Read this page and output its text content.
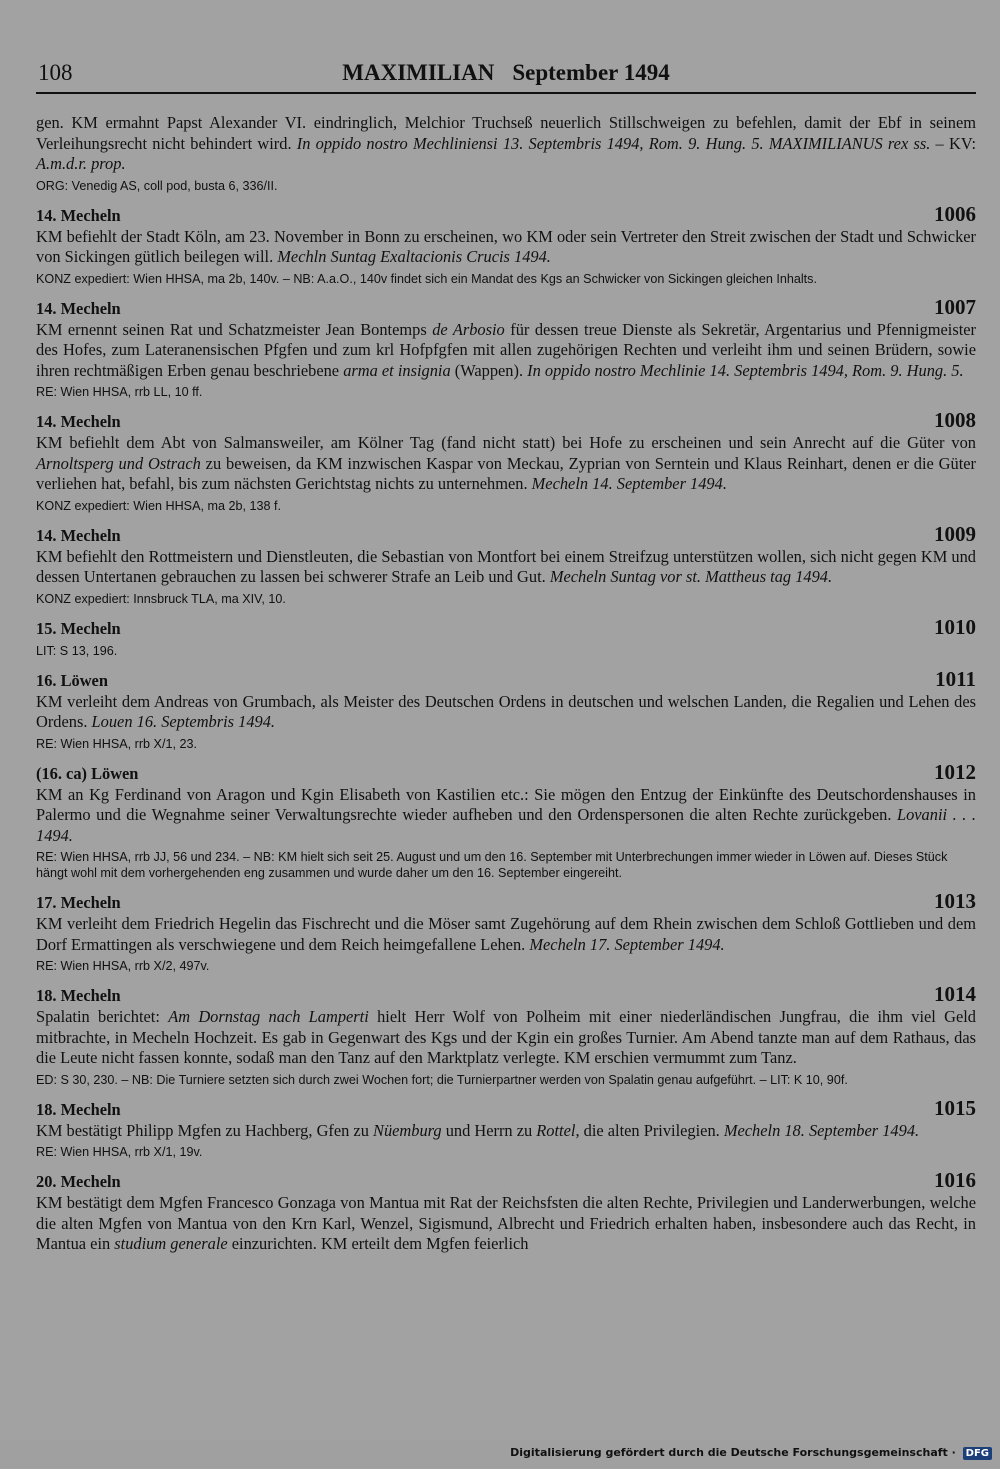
108	MAXIMILIAN September 1494

gen. KM ermahnt Papst Alexander VI. eindringlich, Melchior Truchseß neuerlich Stillschweigen zu befehlen, damit der Ebf in seinem Verleihungsrecht nicht behindert wird. In oppido nostro Mechliniensi 13. Septembris 1494, Rom. 9. Hung. 5. MAXIMILIANUS rex ss. – KV: A.m.d.r. prop.

ORG: Venedig AS, coll pod, busta 6, 336/II.

14. Mecheln	1006

KM befiehlt der Stadt Köln, am 23. November in Bonn zu erscheinen, wo KM oder sein Vertreter den Streit zwischen der Stadt und Schwicker von Sickingen gütlich beilegen will. Mechln Suntag Exaltacionis Crucis 1494.

KONZ expediert: Wien HHSA, ma 2b, 140v. – NB: A.a.O., 140v findet sich ein Mandat des Kgs an Schwicker von Sickingen gleichen Inhalts.

14. Mecheln	1007

KM ernennt seinen Rat und Schatzmeister Jean Bontemps de Arbosio für dessen treue Dienste als Sekretär, Argentarius und Pfennigmeister des Hofes, zum Lateranensischen Pfgfen und zum krl Hofpfgfen mit allen zugehörigen Rechten und verleiht ihm und seinen Brüdern, sowie ihren rechtmäßigen Erben genau beschriebene arma et insignia (Wappen). In oppido nostro Mechlinie 14. Septembris 1494, Rom. 9. Hung. 5.

RE: Wien HHSA, rrb LL, 10 ff.

14. Mecheln	1008

KM befiehlt dem Abt von Salmansweiler, am Kölner Tag (fand nicht statt) bei Hofe zu erscheinen und sein Anrecht auf die Güter von Arnoltsperg und Ostrach zu beweisen, da KM inzwischen Kaspar von Meckau, Zyprian von Serntein und Klaus Reinhart, denen er die Güter verliehen hat, befahl, bis zum nächsten Gerichtstag nichts zu unternehmen. Mecheln 14. September 1494.

KONZ expediert: Wien HHSA, ma 2b, 138 f.

14. Mecheln	1009

KM befiehlt den Rottmeistern und Dienstleuten, die Sebastian von Montfort bei einem Streifzug unterstützen wollen, sich nicht gegen KM und dessen Untertanen gebrauchen zu lassen bei schwerer Strafe an Leib und Gut. Mecheln Suntag vor st. Mattheus tag 1494.

KONZ expediert: Innsbruck TLA, ma XIV, 10.

15. Mecheln	1010

LIT: S 13, 196.

16. Löwen	1011

KM verleiht dem Andreas von Grumbach, als Meister des Deutschen Ordens in deutschen und welschen Landen, die Regalien und Lehen des Ordens. Louen 16. Septembris 1494.

RE: Wien HHSA, rrb X/1, 23.

(16. ca) Löwen	1012

KM an Kg Ferdinand von Aragon und Kgin Elisabeth von Kastilien etc.: Sie mögen den Entzug der Einkünfte des Deutschordenshauses in Palermo und die Wegnahme seiner Verwaltungsrechte wieder aufheben und den Ordenspersonen die alten Rechte zurückgeben. Lovanii . . . 1494.

RE: Wien HHSA, rrb JJ, 56 und 234. – NB: KM hielt sich seit 25. August und um den 16. September mit Unterbrechungen immer wieder in Löwen auf. Dieses Stück hängt wohl mit dem vorhergehenden eng zusammen und wurde daher um den 16. September eingereiht.

17. Mecheln	1013

KM verleiht dem Friedrich Hegelin das Fischrecht und die Möser samt Zugehörung auf dem Rhein zwischen dem Schloß Gottlieben und dem Dorf Ermattingen als verschwiegene und dem Reich heimgefallene Lehen. Mecheln 17. September 1494.

RE: Wien HHSA, rrb X/2, 497v.

18. Mecheln	1014

Spalatin berichtet: Am Dornstag nach Lamperti hielt Herr Wolf von Polheim mit einer niederländischen Jungfrau, die ihm viel Geld mitbrachte, in Mecheln Hochzeit. Es gab in Gegenwart des Kgs und der Kgin ein großes Turnier. Am Abend tanzte man auf dem Rathaus, das die Leute nicht fassen konnte, sodaß man den Tanz auf den Marktplatz verlegte. KM erschien vermummt zum Tanz.

ED: S 30, 230. – NB: Die Turniere setzten sich durch zwei Wochen fort; die Turnierpartner werden von Spalatin genau aufgeführt. – LIT: K 10, 90f.

18. Mecheln	1015

KM bestätigt Philipp Mgfen zu Hachberg, Gfen zu Nüemburg und Herrn zu Rottel, die alten Privilegien. Mecheln 18. September 1494.

RE: Wien HHSA, rrb X/1, 19v.

20. Mecheln	1016

KM bestätigt dem Mgfen Francesco Gonzaga von Mantua mit Rat der Reichsfsten die alten Rechte, Privilegien und Landerwerbungen, welche die alten Mgfen von Mantua von den Krn Karl, Wenzel, Sigismund, Albrecht und Friedrich erhalten haben, insbesondere auch das Recht, in Mantua ein studium generale einzurichten. KM erteilt dem Mgfen feierlich

Digitalisierung gefördert durch die Deutsche Forschungsgemeinschaft · DFG
